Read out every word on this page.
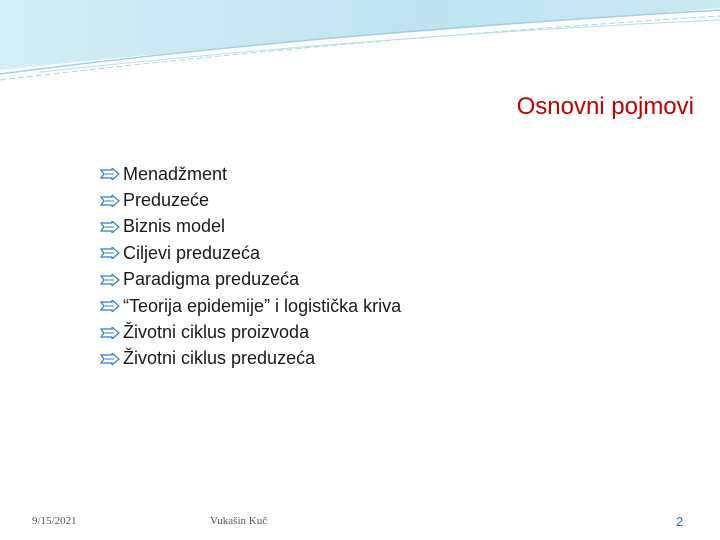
Osnovni pojmovi
Menadžment
Preduzeće
Biznis model
Ciljevi preduzeća
Paradigma preduzeća
“Teorija epidemije” i logistička kriva
Životni ciklus proizvoda
Životni ciklus preduzeća
9/15/2021	Vukašin Kuč	2
